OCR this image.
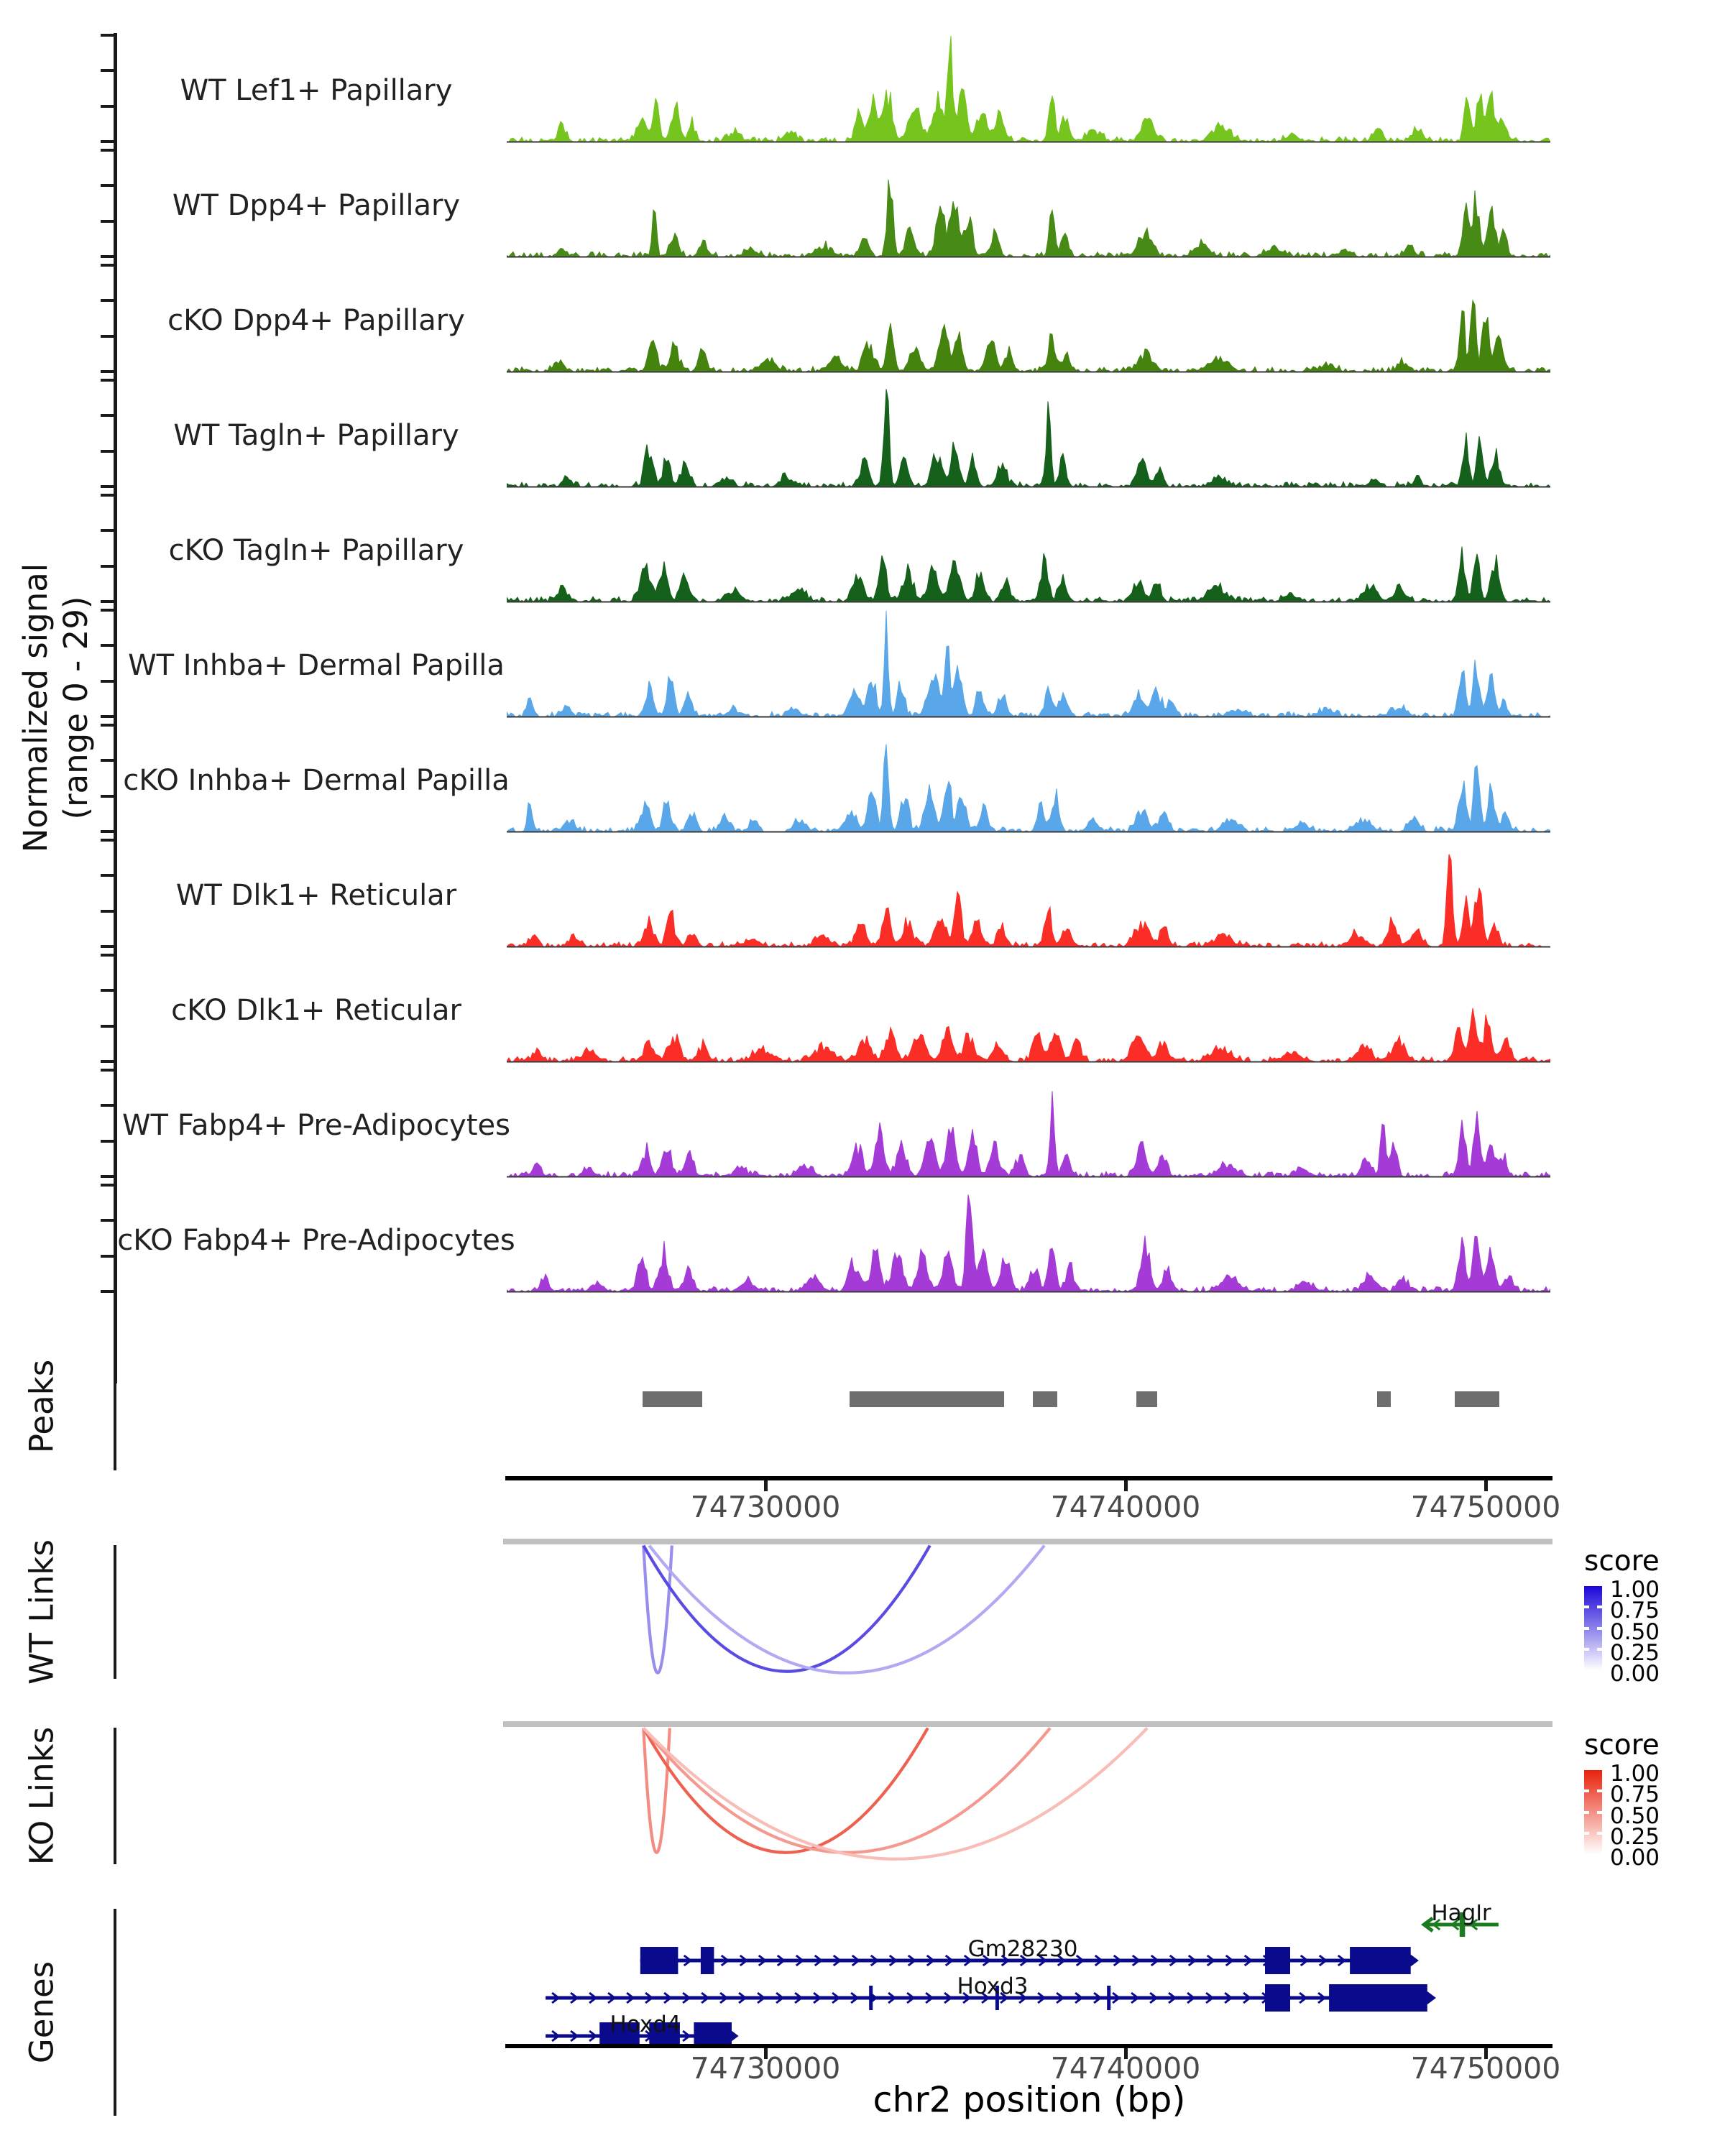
Normalized signal (range 0 - 29)
Peaks
WT Links	score
1.00
0.75
0.50
0.25
0.00
KO Links	score
1.00
0.75
0.50
0.25
0.00
Genes
Haglr
Gm28230
Hoxd3
Hoxd4
chr2 position (bp)
WT Lef1+ Papillary
WT Dpp4+ Papillary
cKO Dpp4+ Papillary
WT Tagln+ Papillary
cKO Tagln+ Papillary
WT Inhba+ Dermal Papilla
cKO Inhba+ Dermal Papilla
WT Dlk1+ Reticular
cKO Dlk1+ Reticular
WT Fabp4+ Pre-Adipocytes
cKO Fabp4+ Pre-Adipocytes
74730000	74740000	74750000
74730000	74740000	74750000
